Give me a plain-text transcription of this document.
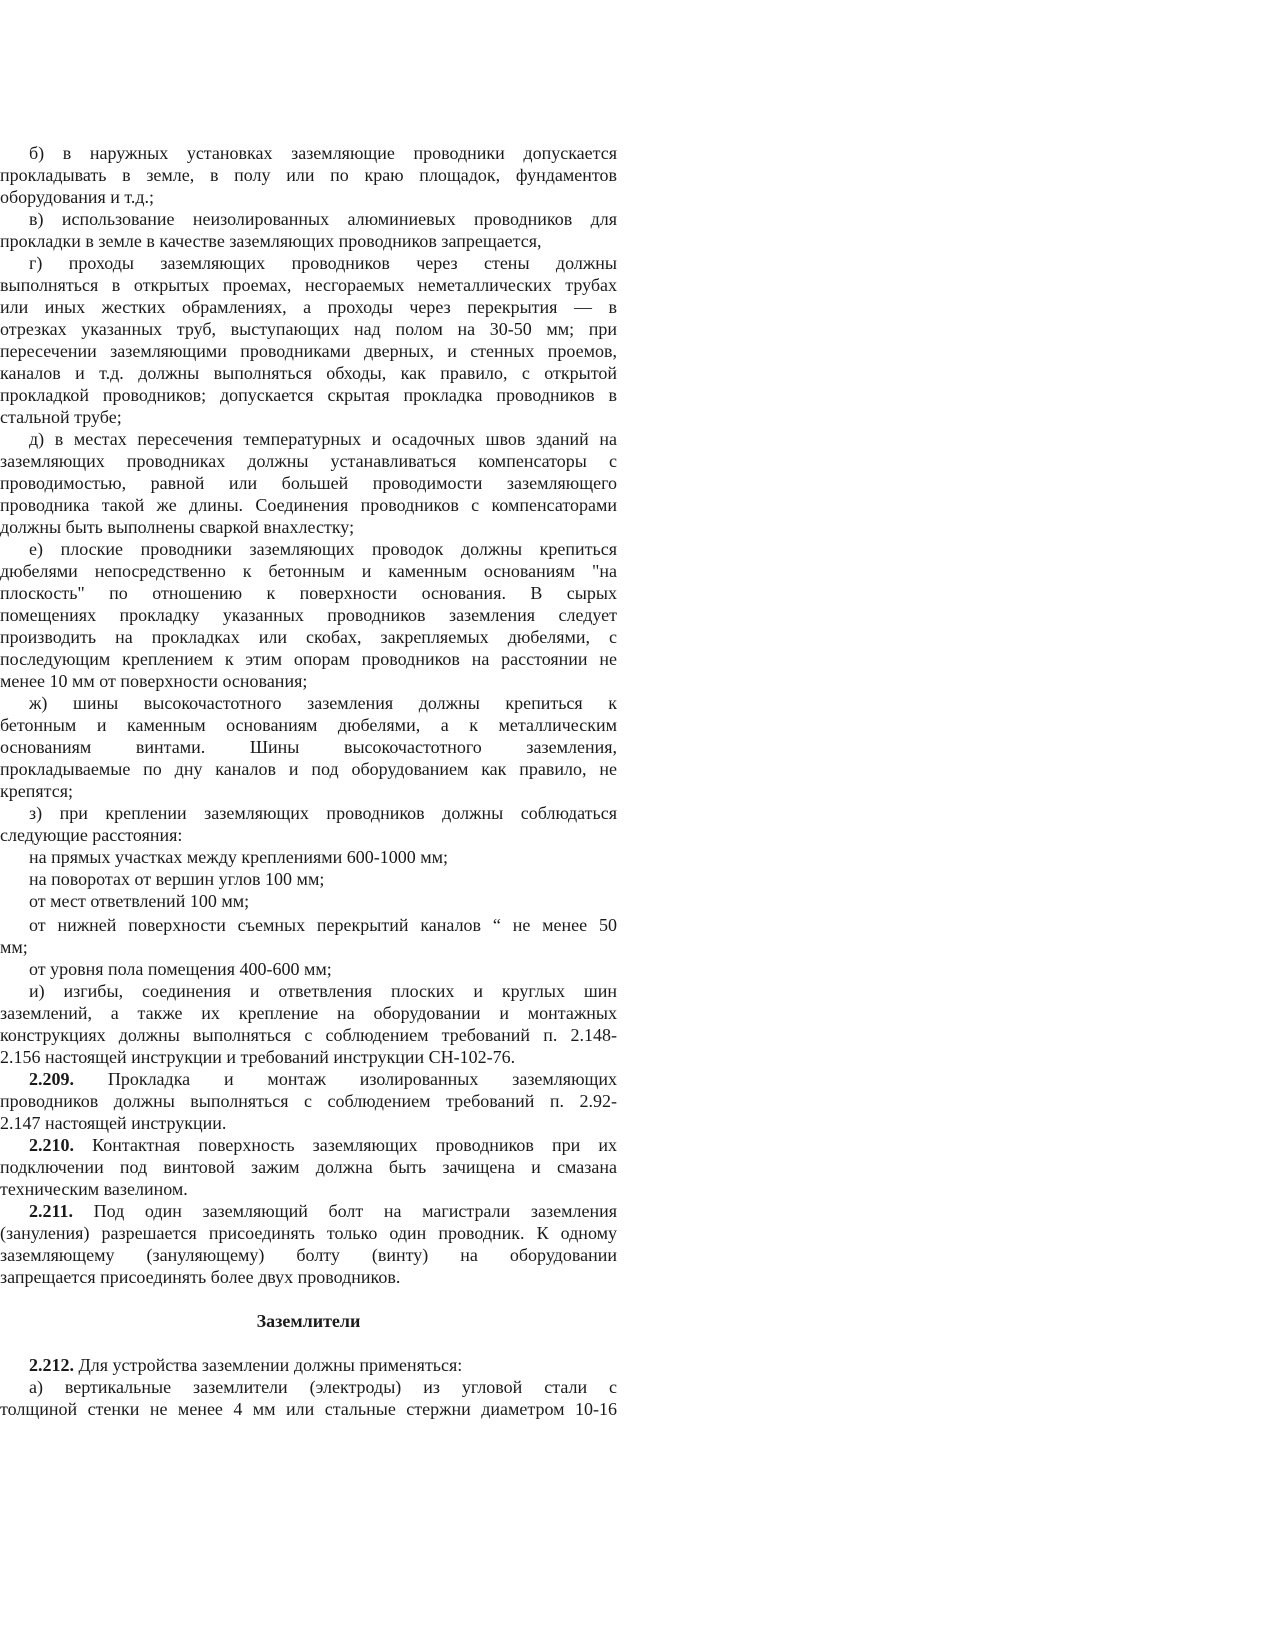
б) в наружных установках заземляющие проводники допускается
прокладывать в земле, в полу или по краю площадок, фундаментов
оборудования и т.д.;
в) использование неизолированных алюминиевых проводников для
прокладки в земле в качестве заземляющих проводников запрещается,
г) проходы заземляющих проводников через стены должны
выполняться в открытых проемах, несгораемых неметаллических трубах
или иных жестких обрамлениях, а проходы через перекрытия — в
отрезках указанных труб, выступающих над полом на 30-50 мм; при
пересечении заземляющими проводниками дверных, и стенных проемов,
каналов и т.д. должны выполняться обходы, как правило, с открытой
прокладкой проводников; допускается скрытая прокладка проводников в
стальной трубе;
д) в местах пересечения температурных и осадочных швов зданий на
заземляющих проводниках должны устанавливаться компенсаторы с
проводимостью, равной или большей проводимости заземляющего
проводника такой же длины. Соединения проводников с компенсаторами
должны быть выполнены сваркой внахлестку;
е) плоские проводники заземляющих проводок должны крепиться
дюбелями непосредственно к бетонным и каменным основаниям "на
плоскость" по отношению к поверхности основания. В сырых
помещениях прокладку указанных проводников заземления следует
производить на прокладках или скобах, закрепляемых дюбелями, с
последующим креплением к этим опорам проводников на расстоянии не
менее 10 мм от поверхности основания;
ж) шины высокочастотного заземления должны крепиться к
бетонным и каменным основаниям дюбелями, а к металлическим
основаниям винтами. Шины высокочастотного заземления,
прокладываемые по дну каналов и под оборудованием как правило, не
крепятся;
з) при креплении заземляющих проводников должны соблюдаться
следующие расстояния:
на прямых участках между креплениями 600-1000 мм;
на поворотах от вершин углов 100 мм;
от мест ответвлений 100 мм;
от нижней поверхности съемных перекрытий каналов “ не менее 50
мм;
от уровня пола помещения 400-600 мм;
и) изгибы, соединения и ответвления плоских и круглых шин
заземлений, а также их крепление на оборудовании и монтажных
конструкциях должны выполняться с соблюдением требований п. 2.148-
2.156 настоящей инструкции и требований инструкции СН-102-76.
2.209. Прокладка и монтаж изолированных заземляющих
проводников должны выполняться с соблюдением требований п. 2.92-
2.147 настоящей инструкции.
2.210. Контактная поверхность заземляющих проводников при их
подключении под винтовой зажим должна быть зачищена и смазана
техническим вазелином.
2.211. Под один заземляющий болт на магистрали заземления
(зануления) разрешается присоединять только один проводник. К одному
заземляющему (зануляющему) болту (винту) на оборудовании
запрещается присоединять более двух проводников.
Заземлители
2.212. Для устройства заземлении должны применяться:
а) вертикальные заземлители (электроды) из угловой стали с
толщиной стенки не менее 4 мм или стальные стержни диаметром 10-16
